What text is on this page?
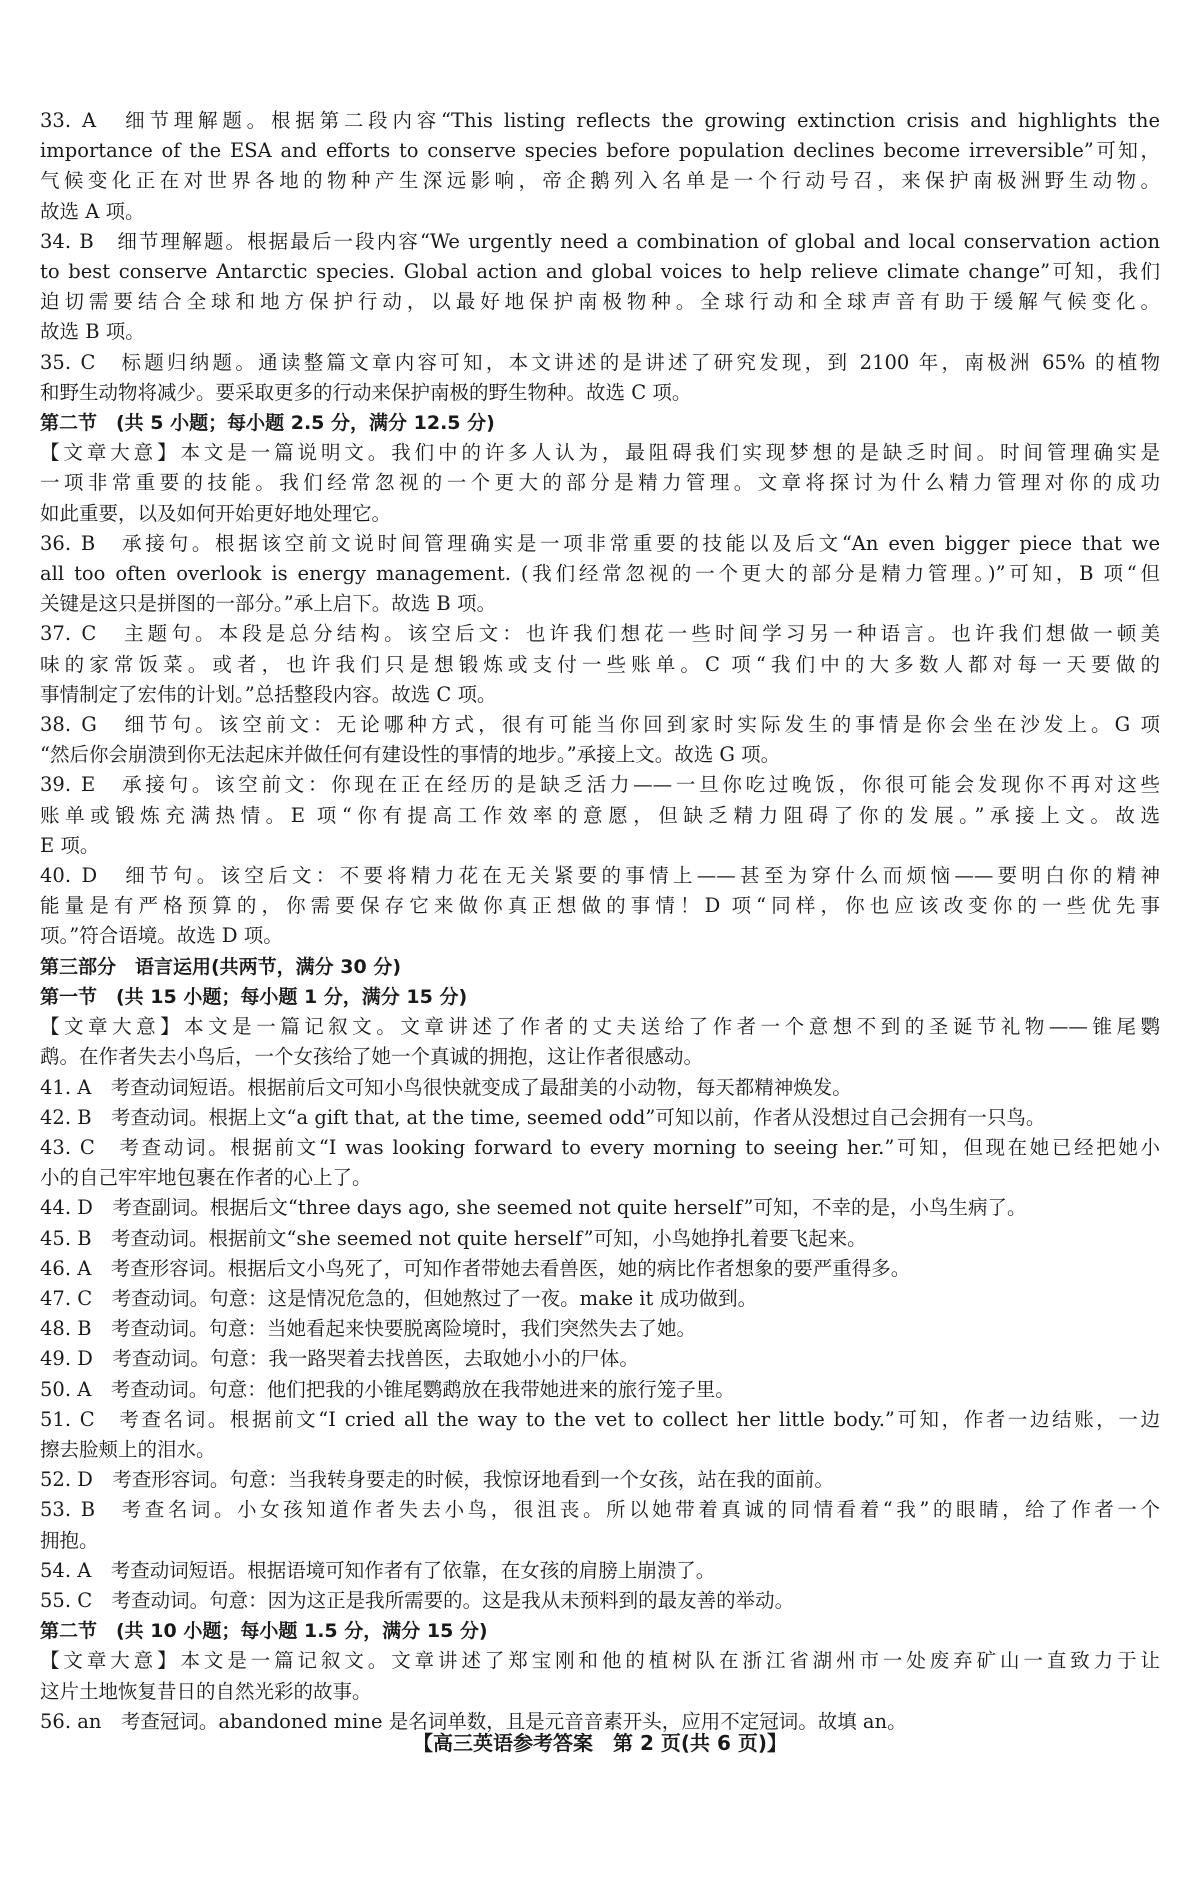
33. A　细节理解题。根据第二段内容“This listing reflects the growing extinction crisis and highlights the
importance of the ESA and efforts to conserve species before population declines become irreversible”可知，
气候变化正在对世界各地的物种产生深远影响，帝企鹅列入名单是一个行动号召，来保护南极洲野生动物。
故选 A 项。
34. B　细节理解题。根据最后一段内容“We urgently need a combination of global and local conservation action
to best conserve Antarctic species. Global action and global voices to help relieve climate change”可知，我们
迫切需要结合全球和地方保护行动，以最好地保护南极物种。全球行动和全球声音有助于缓解气候变化。
故选 B 项。
35. C　标题归纳题。通读整篇文章内容可知，本文讲述的是讲述了研究发现，到 2100 年，南极洲 65% 的植物
和野生动物将减少。要采取更多的行动来保护南极的野生物种。故选 C 项。
第二节　(共 5 小题；每小题 2.5 分，满分 12.5 分)
【文章大意】本文是一篇说明文。我们中的许多人认为，最阻碍我们实现梦想的是缺乏时间。时间管理确实是
一项非常重要的技能。我们经常忽视的一个更大的部分是精力管理。文章将探讨为什么精力管理对你的成功
如此重要，以及如何开始更好地处理它。
36. B　承接句。根据该空前文说时间管理确实是一项非常重要的技能以及后文“An even bigger piece that we
all too often overlook is energy management. (我们经常忽视的一个更大的部分是精力管理。)”可知，B 项“但
关键是这只是拼图的一部分。”承上启下。故选 B 项。
37. C　主题句。本段是总分结构。该空后文：也许我们想花一些时间学习另一种语言。也许我们想做一顿美
味的家常饭菜。或者，也许我们只是想锻炼或支付一些账单。C 项“我们中的大多数人都对每一天要做的
事情制定了宏伟的计划。”总括整段内容。故选 C 项。
38. G　细节句。该空前文：无论哪种方式，很有可能当你回到家时实际发生的事情是你会坐在沙发上。G 项
“然后你会崩溃到你无法起床并做任何有建设性的事情的地步。”承接上文。故选 G 项。
39. E　承接句。该空前文：你现在正在经历的是缺乏活力——一旦你吃过晚饭，你很可能会发现你不再对这些
账单或锻炼充满热情。E 项“你有提高工作效率的意愿，但缺乏精力阻碍了你的发展。”承接上文。故选
E 项。
40. D　细节句。该空后文：不要将精力花在无关紧要的事情上——甚至为穿什么而烦恼——要明白你的精神
能量是有严格预算的，你需要保存它来做你真正想做的事情！D 项“同样，你也应该改变你的一些优先事
项。”符合语境。故选 D 项。
第三部分　语言运用(共两节，满分 30 分)
第一节　(共 15 小题；每小题 1 分，满分 15 分)
【文章大意】本文是一篇记叙文。文章讲述了作者的丈夫送给了作者一个意想不到的圣诞节礼物——锥尾鹦
鹉。在作者失去小鸟后，一个女孩给了她一个真诚的拥抱，这让作者很感动。
41. A　考查动词短语。根据前后文可知小鸟很快就变成了最甜美的小动物，每天都精神焕发。
42. B　考查动词。根据上文“a gift that, at the time, seemed odd”可知以前，作者从没想过自己会拥有一只鸟。
43. C　考查动词。根据前文“I was looking forward to every morning to seeing her.”可知，但现在她已经把她小
小的自己牢牢地包裹在作者的心上了。
44. D　考查副词。根据后文“three days ago, she seemed not quite herself”可知，不幸的是，小鸟生病了。
45. B　考查动词。根据前文“she seemed not quite herself”可知，小鸟她挣扎着要飞起来。
46. A　考查形容词。根据后文小鸟死了，可知作者带她去看兽医，她的病比作者想象的要严重得多。
47. C　考查动词。句意：这是情况危急的，但她熬过了一夜。make it 成功做到。
48. B　考查动词。句意：当她看起来快要脱离险境时，我们突然失去了她。
49. D　考查动词。句意：我一路哭着去找兽医，去取她小小的尸体。
50. A　考查动词。句意：他们把我的小锥尾鹦鹉放在我带她进来的旅行笼子里。
51. C　考查名词。根据前文“I cried all the way to the vet to collect her little body.”可知，作者一边结账，一边
擦去脸颊上的泪水。
52. D　考查形容词。句意：当我转身要走的时候，我惊讶地看到一个女孩，站在我的面前。
53. B　考查名词。小女孩知道作者失去小鸟，很沮丧。所以她带着真诚的同情看着“我”的眼睛，给了作者一个
拥抱。
54. A　考查动词短语。根据语境可知作者有了依靠，在女孩的肩膀上崩溃了。
55. C　考查动词。句意：因为这正是我所需要的。这是我从未预料到的最友善的举动。
第二节　(共 10 小题；每小题 1.5 分，满分 15 分)
【文章大意】本文是一篇记叙文。文章讲述了郑宝刚和他的植树队在浙江省湖州市一处废弃矿山一直致力于让
这片土地恢复昔日的自然光彩的故事。
56. an　考查冠词。abandoned mine 是名词单数，且是元音音素开头，应用不定冠词。故填 an。
【高三英语参考答案　第 2 页(共 6 页)】
